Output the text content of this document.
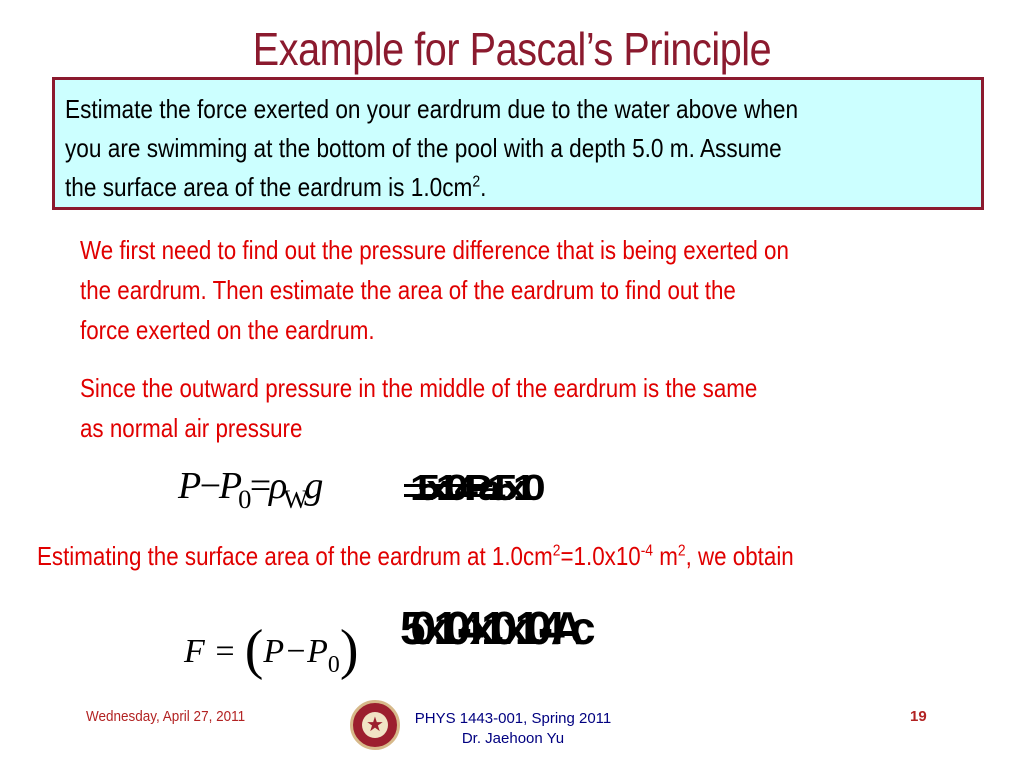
Example for Pascal’s Principle
Estimate the force exerted on your eardrum due to the water above when
you are swimming at the bottom of the pool with a depth 5.0 m. Assume
the surface area of the eardrum is $1.0cm^2$.
We first need to find out the pressure difference that is being exerted on
the eardrum. Then estimate the area of the eardrum to find out the
force exerted on the eardrum.
Since the outward pressure in the middle of the eardrum is the same
as normal air pressure
$P-P_0=\rho_Wg$ 1.5x104Pa1.5x10
Estimating the surface area of the eardrum at $1.0cm^2=1.0x10^{-4}$ $m^2$, we obtain
$F = (P-P_0)$ 5.0x10-4x1.0x10-4Ac
Wednesday, April 27, 2011	★	PHYS 1443-001, Spring 2011
Dr. Jaehoon Yu
19
